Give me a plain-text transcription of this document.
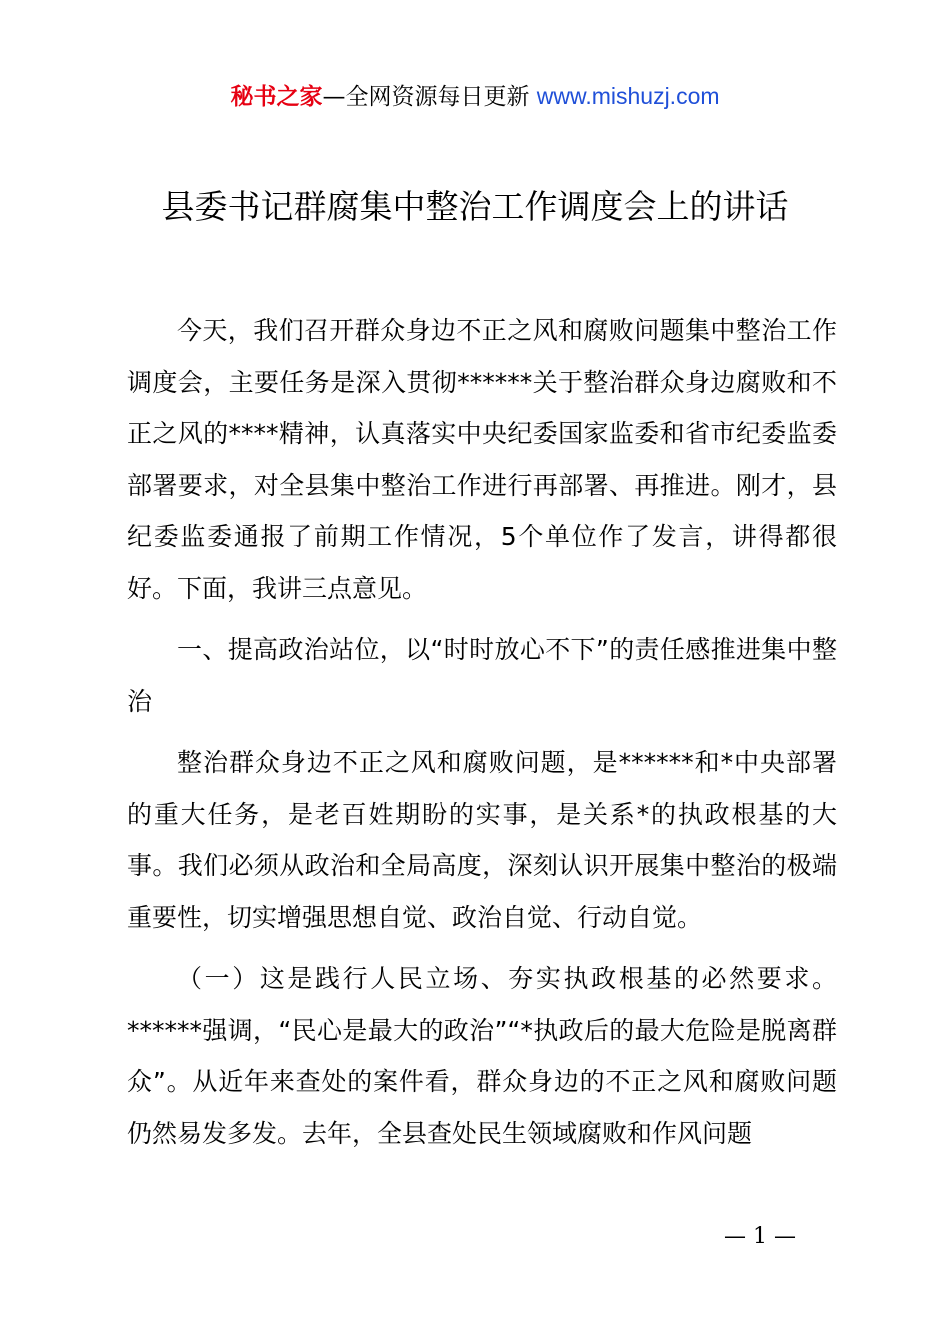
秘书之家—全网资源每日更新 www.mishuzj.com
县委书记群腐集中整治工作调度会上的讲话

今天，我们召开群众身边不正之风和腐败问题集中整治工作调度会，主要任务是深入贯彻******关于整治群众身边腐败和不正之风的****精神，认真落实中央纪委国家监委和省市纪委监委部署要求，对全县集中整治工作进行再部署、再推进。刚才，县纪委监委通报了前期工作情况，5个单位作了发言，讲得都很好。下面，我讲三点意见。

一、提高政治站位，以“时时放心不下”的责任感推进集中整治

整治群众身边不正之风和腐败问题，是******和*中央部署的重大任务，是老百姓期盼的实事，是关系*的执政根基的大事。我们必须从政治和全局高度，深刻认识开展集中整治的极端重要性，切实增强思想自觉、政治自觉、行动自觉。

（一）这是践行人民立场、夯实执政根基的必然要求。******强调，“民心是最大的政治”“*执政后的最大危险是脱离群众”。从近年来查处的案件看，群众身边的不正之风和腐败问题仍然易发多发。去年，全县查处民生领域腐败和作风问题

— 1 —
